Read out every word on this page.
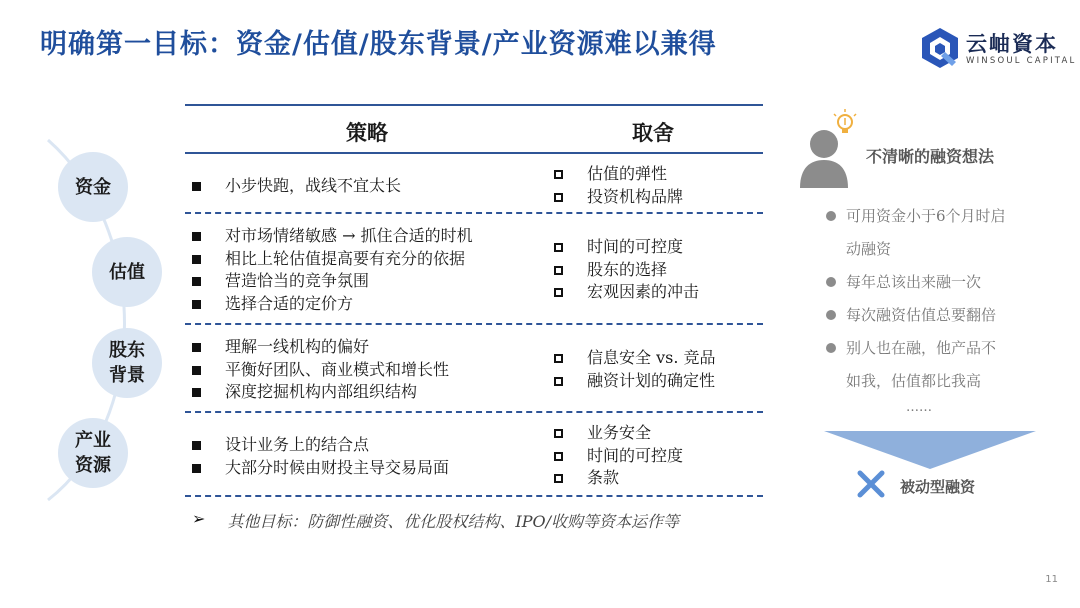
明确第一目标：资金/估值/股东背景/产业资源难以兼得	云岫資本
WINSOUL CAPITAL
资金
估值
股东
背景
产业
资源
策略	取舍
小步快跑，战线不宜太长
估值的弹性
投资机构品牌
对市场情绪敏感 → 抓住合适的时机
相比上轮估值提高要有充分的依据
营造恰当的竞争氛围
选择合适的定价方
时间的可控度
股东的选择
宏观因素的冲击
理解一线机构的偏好
平衡好团队、商业模式和增长性
深度挖掘机构内部组织结构
信息安全 vs. 竞品
融资计划的确定性
设计业务上的结合点
大部分时候由财投主导交易局面
业务安全
时间的可控度
条款
➢ 其他目标：防御性融资、优化股权结构、IPO/收购等资本运作等
不清晰的融资想法
可用资金小于6个月时启
动融资
每年总该出来融一次
每次融资估值总要翻倍
别人也在融，他产品不
如我，估值都比我高
……
被动型融资
11
